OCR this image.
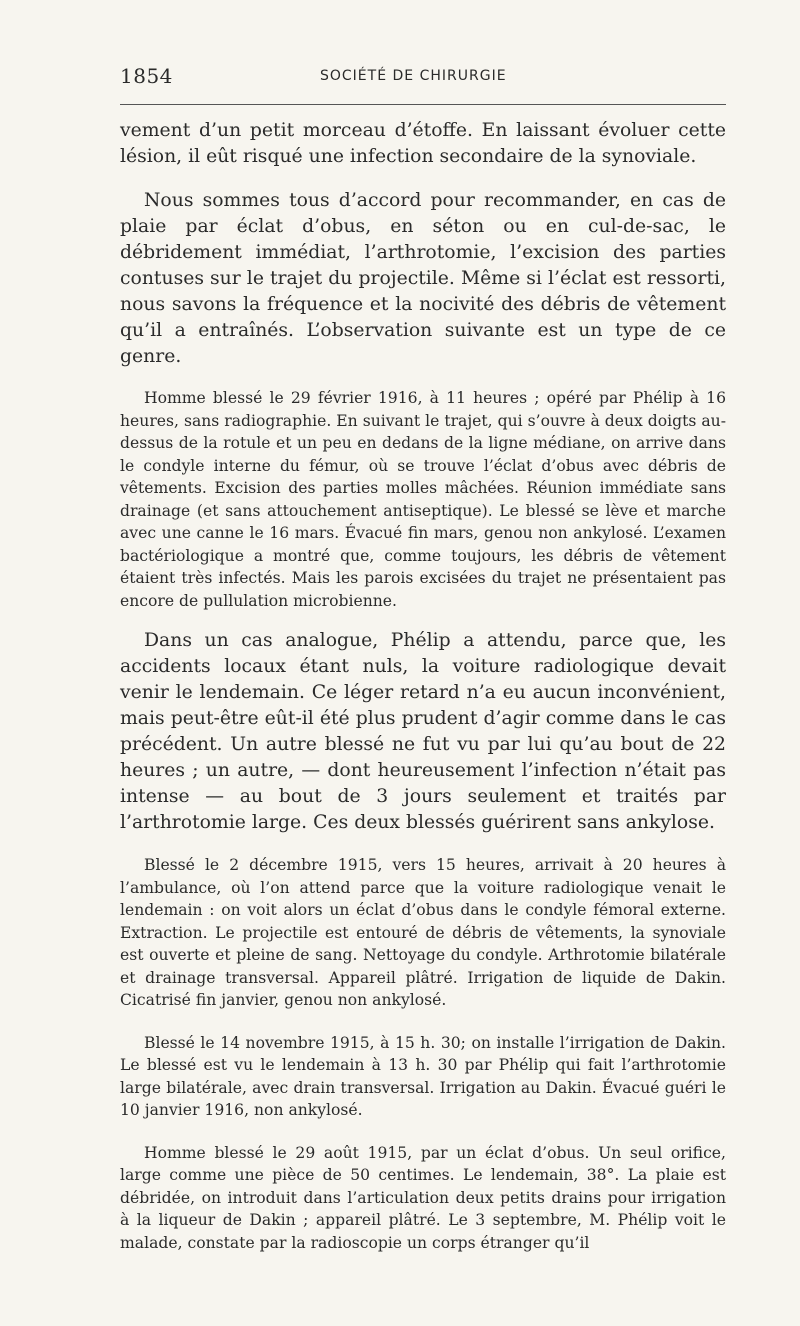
1854	SOCIÉTÉ DE CHIRURGIE

vement d’un petit morceau d’étoffe. En laissant évoluer cette lésion, il eût risqué une infection secondaire de la synoviale.

Nous sommes tous d’accord pour recommander, en cas de plaie par éclat d’obus, en séton ou en cul-de-sac, le débridement immédiat, l’arthrotomie, l’excision des parties contuses sur le trajet du projectile. Même si l’éclat est ressorti, nous savons la fréquence et la nocivité des débris de vêtement qu’il a entraînés. L’observation suivante est un type de ce genre.

Homme blessé le 29 février 1916, à 11 heures ; opéré par Phélip à 16 heures, sans radiographie. En suivant le trajet, qui s’ouvre à deux doigts au-dessus de la rotule et un peu en dedans de la ligne médiane, on arrive dans le condyle interne du fémur, où se trouve l’éclat d’obus avec débris de vêtements. Excision des parties molles mâchées. Réunion immédiate sans drainage (et sans attouchement antiseptique). Le blessé se lève et marche avec une canne le 16 mars. Évacué fin mars, genou non ankylosé. L’examen bactériologique a montré que, comme toujours, les débris de vêtement étaient très infectés. Mais les parois excisées du trajet ne présentaient pas encore de pullulation microbienne.

Dans un cas analogue, Phélip a attendu, parce que, les accidents locaux étant nuls, la voiture radiologique devait venir le lendemain. Ce léger retard n’a eu aucun inconvénient, mais peut-être eût-il été plus prudent d’agir comme dans le cas précédent. Un autre blessé ne fut vu par lui qu’au bout de 22 heures ; un autre, — dont heureusement l’infection n’était pas intense — au bout de 3 jours seulement et traités par l’arthrotomie large. Ces deux blessés guérirent sans ankylose.

Blessé le 2 décembre 1915, vers 15 heures, arrivait à 20 heures à l’ambulance, où l’on attend parce que la voiture radiologique venait le lendemain : on voit alors un éclat d’obus dans le condyle fémoral externe. Extraction. Le projectile est entouré de débris de vêtements, la synoviale est ouverte et pleine de sang. Nettoyage du condyle. Arthrotomie bilatérale et drainage transversal. Appareil plâtré. Irrigation de liquide de Dakin. Cicatrisé fin janvier, genou non ankylosé.

Blessé le 14 novembre 1915, à 15 h. 30; on installe l’irrigation de Dakin. Le blessé est vu le lendemain à 13 h. 30 par Phélip qui fait l’arthrotomie large bilatérale, avec drain transversal. Irrigation au Dakin. Évacué guéri le 10 janvier 1916, non ankylosé.

Homme blessé le 29 août 1915, par un éclat d’obus. Un seul orifice, large comme une pièce de 50 centimes. Le lendemain, 38°. La plaie est débridée, on introduit dans l’articulation deux petits drains pour irrigation à la liqueur de Dakin ; appareil plâtré. Le 3 septembre, M. Phélip voit le malade, constate par la radioscopie un corps étranger qu’il
